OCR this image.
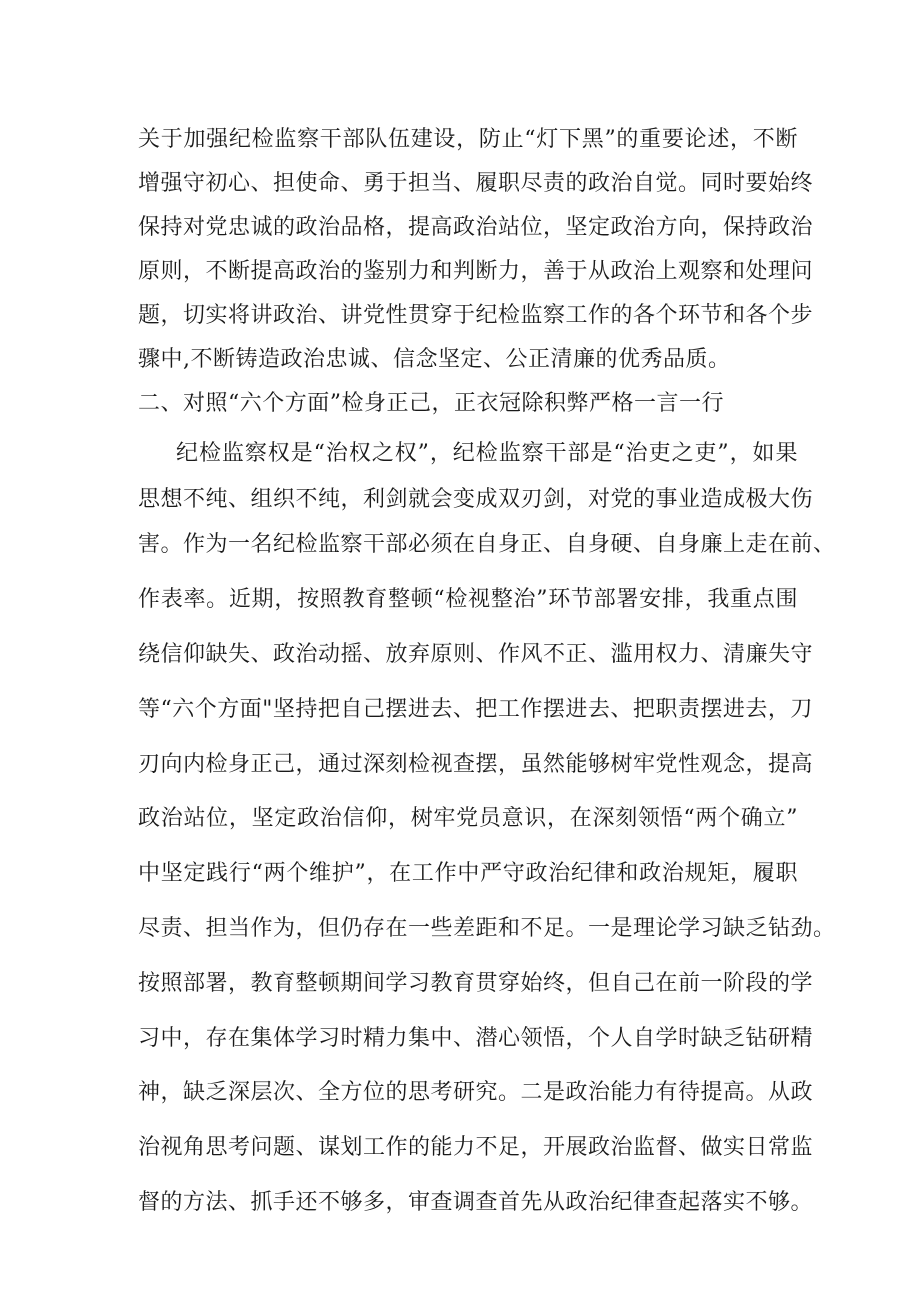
关于加强纪检监察干部队伍建设，防止“灯下黑”的重要论述，不断
增强守初心、担使命、勇于担当、履职尽责的政治自觉。同时要始终
保持对党忠诚的政治品格，提高政治站位，坚定政治方向，保持政治
原则，不断提高政治的鉴别力和判断力，善于从政治上观察和处理问
题，切实将讲政治、讲党性贯穿于纪检监察工作的各个环节和各个步
骤中,不断铸造政治忠诚、信念坚定、公正清廉的优秀品质。
二、对照“六个方面”检身正己，正衣冠除积弊严格一言一行
纪检监察权是“治权之权”，纪检监察干部是“治吏之吏”，如果
思想不纯、组织不纯，利剑就会变成双刃剑，对党的事业造成极大伤
害。作为一名纪检监察干部必须在自身正、自身硬、自身廉上走在前、
作表率。近期，按照教育整顿“检视整治”环节部署安排，我重点围
绕信仰缺失、政治动摇、放弃原则、作风不正、滥用权力、清廉失守
等“六个方面"坚持把自己摆进去、把工作摆进去、把职责摆进去，刀
刃向内检身正己，通过深刻检视查摆，虽然能够树牢党性观念，提高
政治站位，坚定政治信仰，树牢党员意识，在深刻领悟“两个确立”
中坚定践行“两个维护”，在工作中严守政治纪律和政治规矩，履职
尽责、担当作为，但仍存在一些差距和不足。一是理论学习缺乏钻劲。
按照部署，教育整顿期间学习教育贯穿始终，但自己在前一阶段的学
习中，存在集体学习时精力集中、潜心领悟，个人自学时缺乏钻研精
神，缺乏深层次、全方位的思考研究。二是政治能力有待提高。从政
治视角思考问题、谋划工作的能力不足，开展政治监督、做实日常监
督的方法、抓手还不够多，审查调查首先从政治纪律查起落实不够。
